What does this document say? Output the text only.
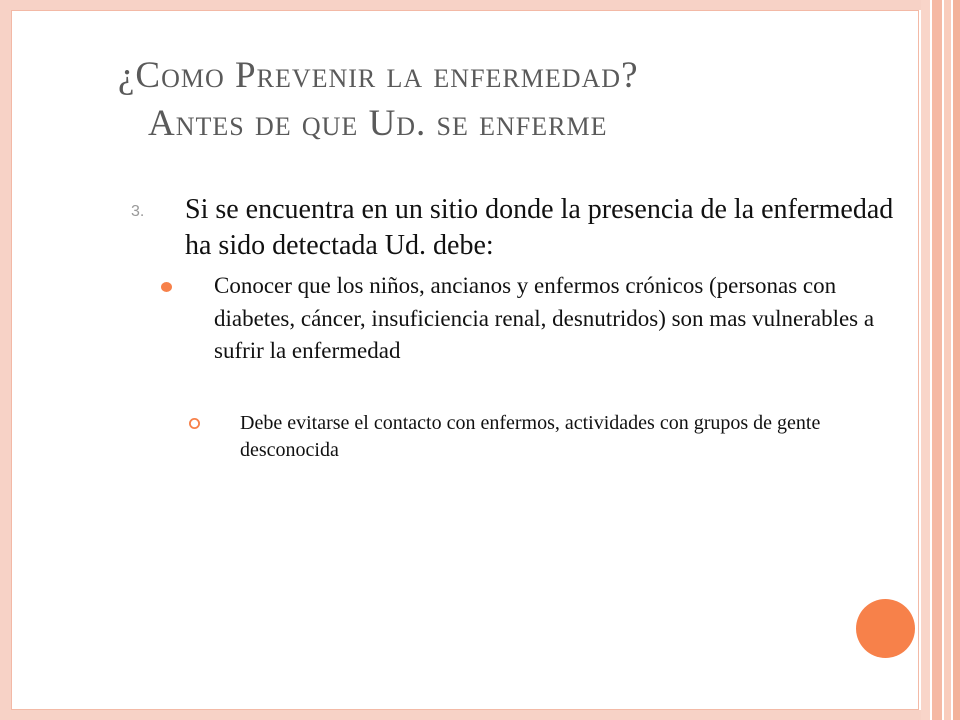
¿Como Prevenir la enfermedad?
Antes de que Ud. se enferme
3. Si se encuentra en un sitio donde la presencia de la enfermedad ha sido detectada Ud. debe:
Conocer que los niños, ancianos y enfermos crónicos (personas con diabetes, cáncer, insuficiencia renal, desnutridos) son mas vulnerables a sufrir la enfermedad
Debe evitarse el contacto con enfermos, actividades con grupos de gente desconocida
